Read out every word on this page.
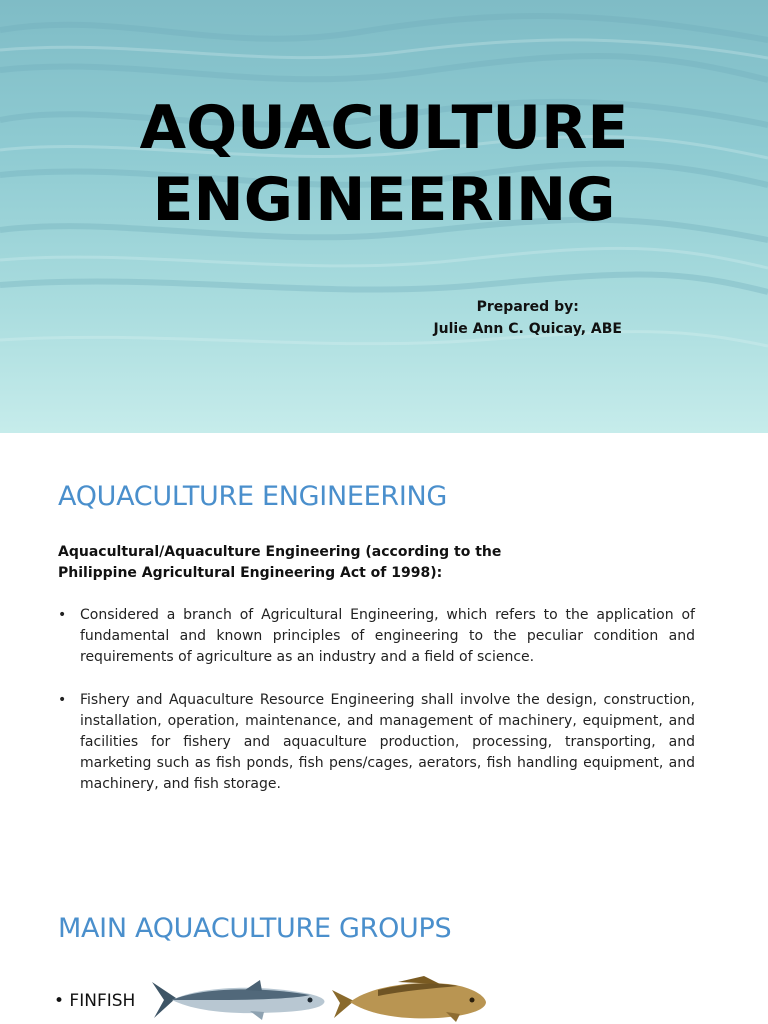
AQUACULTURE
ENGINEERING
Prepared by:
Julie Ann C. Quicay, ABE
AQUACULTURE ENGINEERING
Aquacultural/Aquaculture Engineering (according to the Philippine Agricultural Engineering Act of 1998):
• Considered a branch of Agricultural Engineering, which refers to the application of fundamental and known principles of engineering to the peculiar condition and requirements of agriculture as an industry and a field of science.
• Fishery and Aquaculture Resource Engineering shall involve the design, construction, installation, operation, maintenance, and management of machinery, equipment, and facilities for fishery and aquaculture production, processing, transporting, and marketing such as fish ponds, fish pens/cages, aerators, fish handling equipment, and machinery, and fish storage.
MAIN AQUACULTURE GROUPS
• FINFISH
